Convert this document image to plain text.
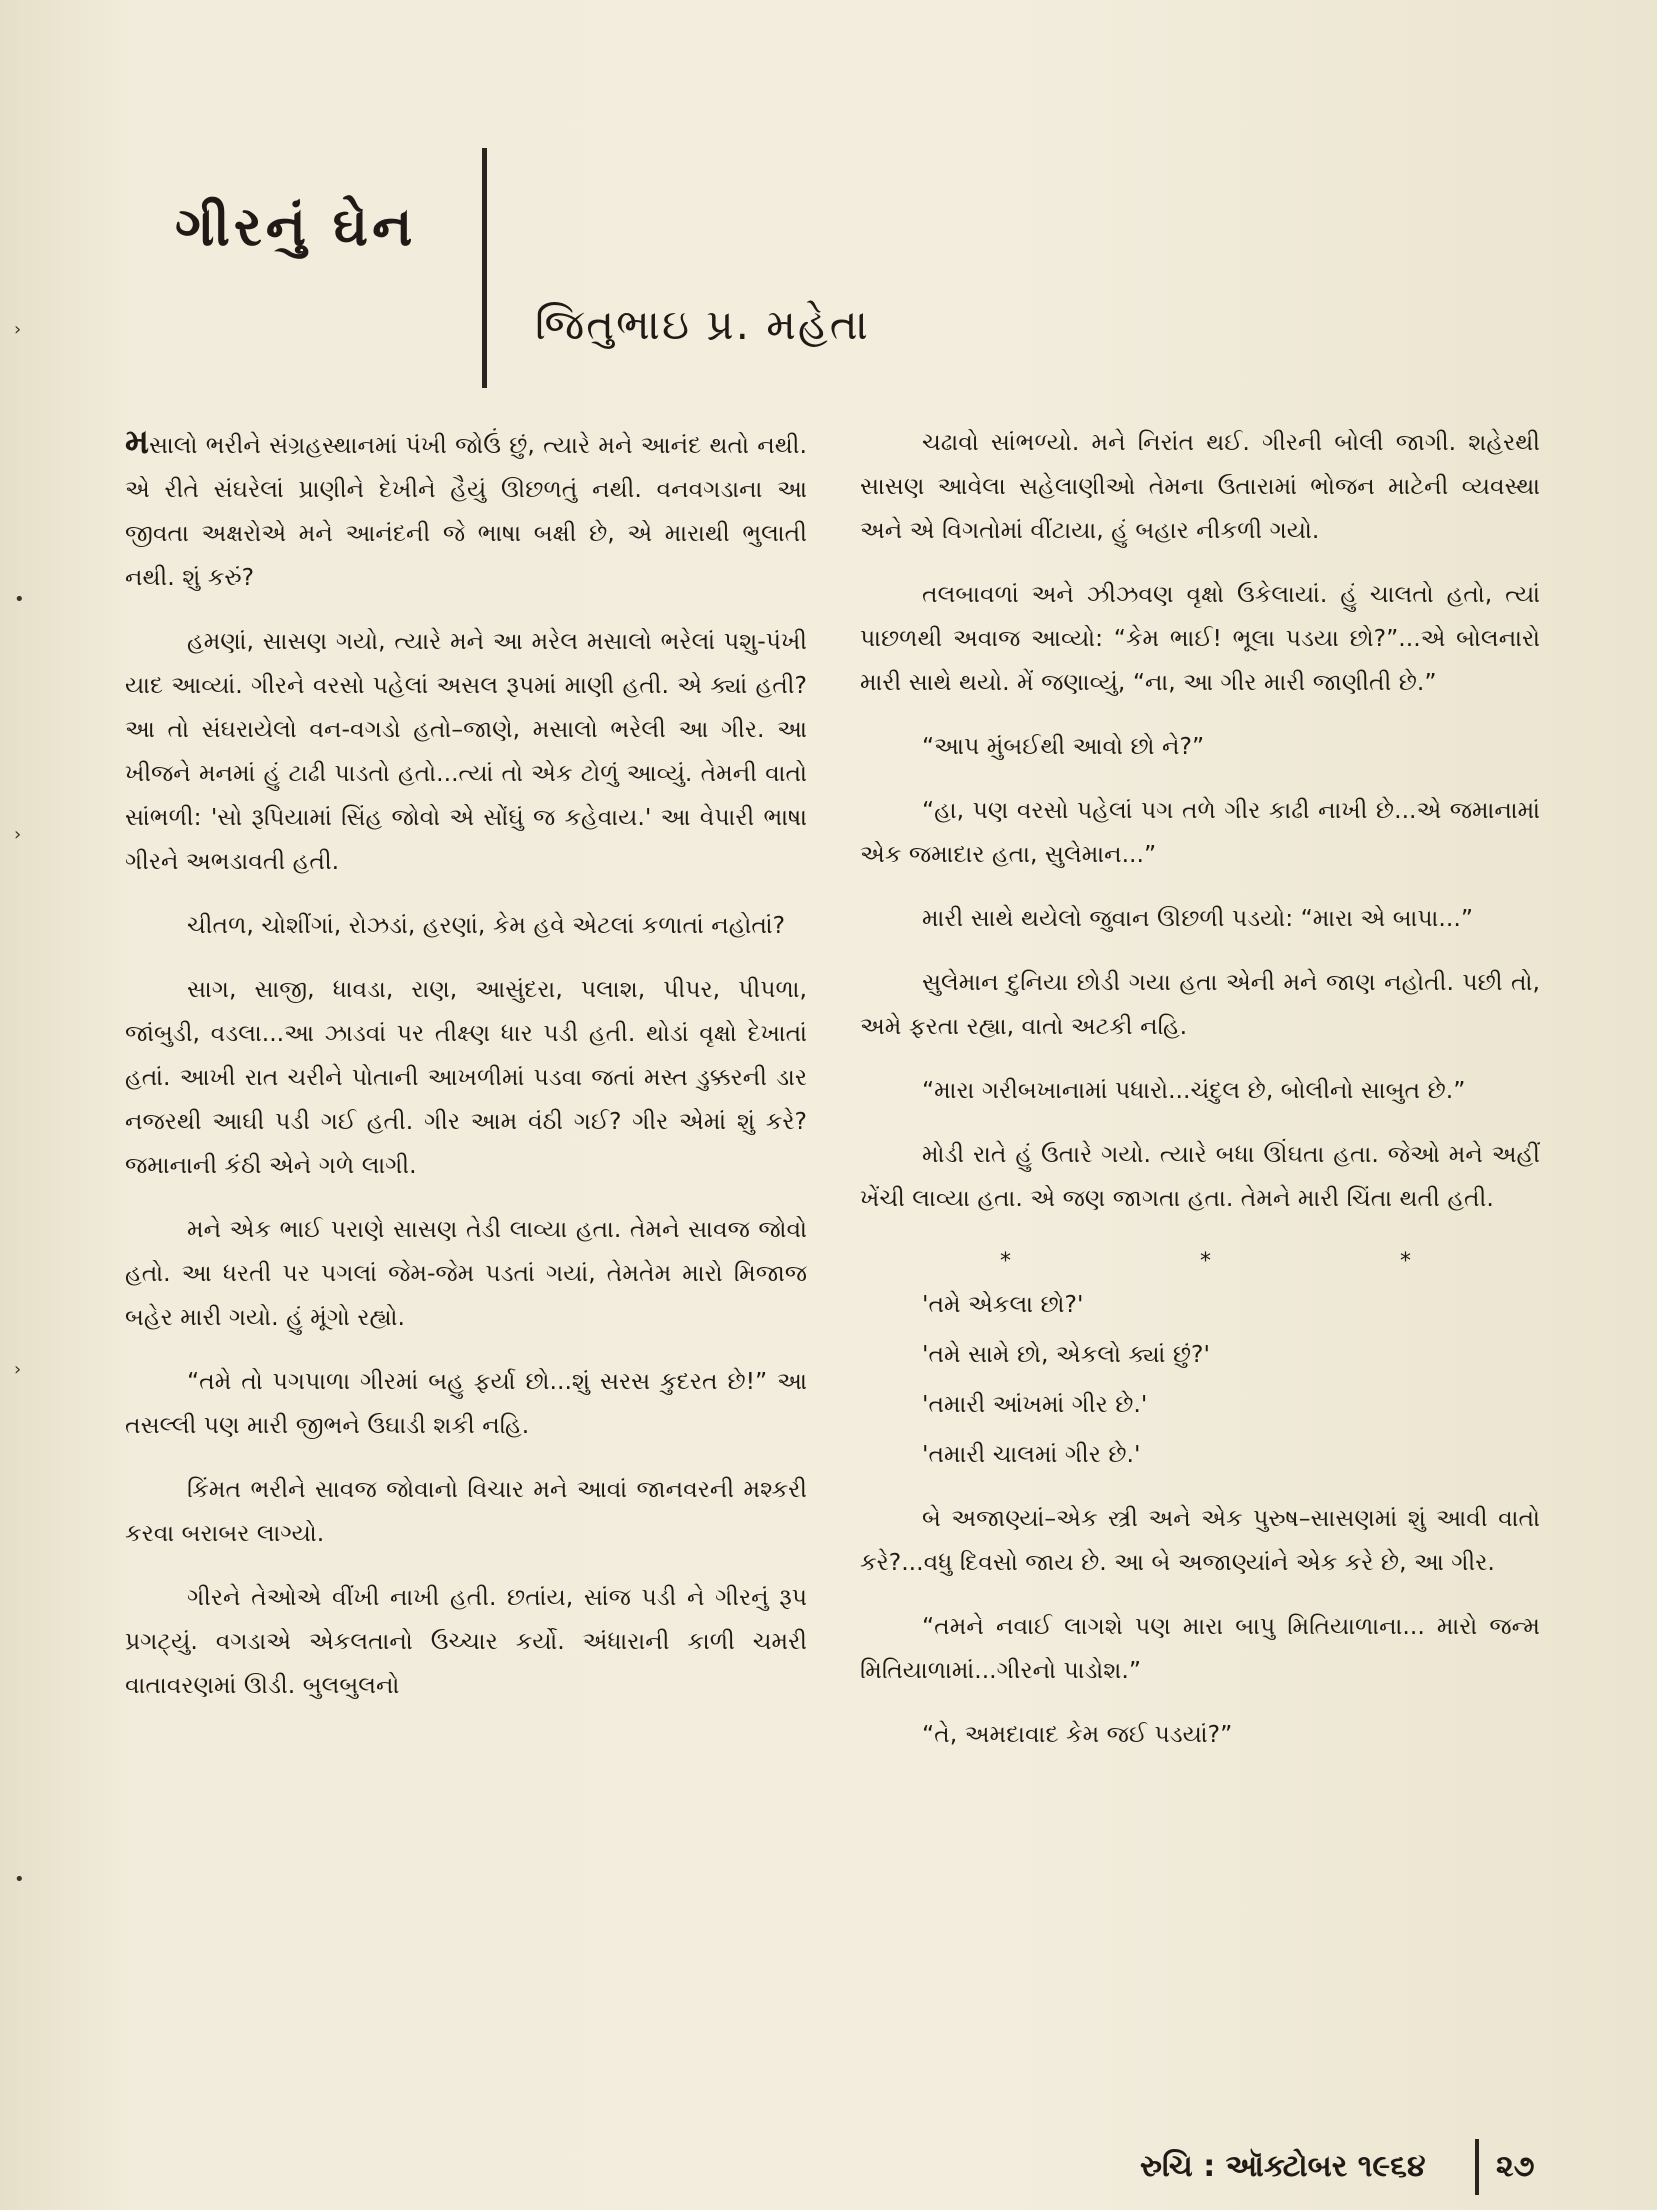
›
•
›
›
•
ગીરનું ઘેન
જિતુભાઇ પ્ર. મહેતા

મસાલો ભરીને સંગ્રહસ્થાનમાં પંખી જોઉં છું, ત્યારે મને આનંદ થતો નથી. એ રીતે સંઘરેલાં પ્રાણીને દેખીને હૈયું ઊછળતું નથી. વનવગડાના આ જીવતા અક્ષરોએ મને આનંદની જે ભાષા બક્ષી છે, એ મારાથી ભુલાતી નથી. શું કરું?

હમણાં, સાસણ ગયો, ત્યારે મને આ મરેલ મસાલો ભરેલાં પશુ-પંખી યાદ આવ્યાં. ગીરને વરસો પહેલાં અસલ રૂપમાં માણી હતી. એ ક્યાં હતી? આ તો સંઘરાયેલો વન-વગડો હતો–જાણે, મસાલો ભરેલી આ ગીર. આ ખીજને મનમાં હું ટાઢી પાડતો હતો...ત્યાં તો એક ટોળું આવ્યું. તેમની વાતો સાંભળી: 'સો રૂપિયામાં સિંહ જોવો એ સોંઘું જ કહેવાય.' આ વેપારી ભાષા ગીરને અભડાવતી હતી.

ચીતળ, ચોશીંગાં, રોઝડાં, હરણાં, કેમ હવે એટલાં કળાતાં નહોતાં?

સાગ, સાજી, ધાવડા, રાણ, આસુંદરા, પલાશ, પીપર, પીપળા, જાંબુડી, વડલા...આ ઝાડવાં પર તીક્ષ્ણ ધાર પડી હતી. થોડાં વૃક્ષો દેખાતાં હતાં. આખી રાત ચરીને પોતાની આખળીમાં પડવા જતાં મસ્ત ડુક્કરની ડાર નજરથી આઘી પડી ગઈ હતી. ગીર આમ વંઠી ગઈ? ગીર એમાં શું કરે? જમાનાની કંઠી એને ગળે લાગી.

મને એક ભાઈ પરાણે સાસણ તેડી લાવ્યા હતા. તેમને સાવજ જોવો હતો. આ ધરતી પર પગલાં જેમ-જેમ પડતાં ગયાં, તેમતેમ મારો મિજાજ બહેર મારી ગયો. હું મૂંગો રહ્યો.

“તમે તો પગપાળા ગીરમાં બહુ ફર્યા છો...શું સરસ કુદરત છે!” આ તસલ્લી પણ મારી જીભને ઉઘાડી શકી નહિ.

કિંમત ભરીને સાવજ જોવાનો વિચાર મને આવાં જાનવરની મશ્કરી કરવા બરાબર લાગ્યો.

ગીરને તેઓએ વીંખી નાખી હતી. છતાંય, સાંજ પડી ને ગીરનું રૂપ પ્રગટ્યું. વગડાએ એકલતાનો ઉચ્ચાર કર્યો. અંધારાની કાળી ચમરી વાતાવરણમાં ઊડી. બુલબુલનો

ચઢાવો સાંભળ્યો. મને નિરાંત થઈ. ગીરની બોલી જાગી. શહેરથી સાસણ આવેલા સહેલાણીઓ તેમના ઉતારામાં ભોજન માટેની વ્યવસ્થા અને એ વિગતોમાં વીંટાયા, હું બહાર નીકળી ગયો.

તલબાવળાં અને ઝીઝવણ વૃક્ષો ઉકેલાયાં. હું ચાલતો હતો, ત્યાં પાછળથી અવાજ આવ્યો: “કેમ ભાઈ! ભૂલા પડયા છો?”...એ બોલનારો મારી સાથે થયો. મેં જણાવ્યું, “ના, આ ગીર મારી જાણીતી છે.”

“આપ મુંબઈથી આવો છો ને?”

“હા, પણ વરસો પહેલાં પગ તળે ગીર કાઢી નાખી છે...એ જમાનામાં એક જમાદાર હતા, સુલેમાન...”

મારી સાથે થયેલો જુવાન ઊછળી પડયો: “મારા એ બાપા...”

સુલેમાન દુનિયા છોડી ગયા હતા એની મને જાણ નહોતી. પછી તો, અમે ફરતા રહ્યા, વાતો અટકી નહિ.

“મારા ગરીબખાનામાં પધારો...ચંદુલ છે, બોલીનો સાબુત છે.”

મોડી રાતે હું ઉતારે ગયો. ત્યારે બધા ઊંઘતા હતા. જેઓ મને અહીં ખેંચી લાવ્યા હતા. એ જણ જાગતા હતા. તેમને મારી ચિંતા થતી હતી.

*	*	*

'તમે એકલા છો?'

'તમે સામે છો, એકલો ક્યાં છું?'

'તમારી આંખમાં ગીર છે.'

'તમારી ચાલમાં ગીર છે.'

બે અજાણ્યાં–એક સ્ત્રી અને એક પુરુષ–સાસણમાં શું આવી વાતો કરે?...વધુ દિવસો જાય છે. આ બે અજાણ્યાંને એક કરે છે, આ ગીર.

“તમને નવાઈ લાગશે પણ મારા બાપુ મિતિયાળાના... મારો જન્મ મિતિયાળામાં...ગીરનો પાડોશ.”

“તે, અમદાવાદ કેમ જઈ પડયાં?”

રુચિ : ઑક્ટોબર ૧૯૬૪ ૨૭
